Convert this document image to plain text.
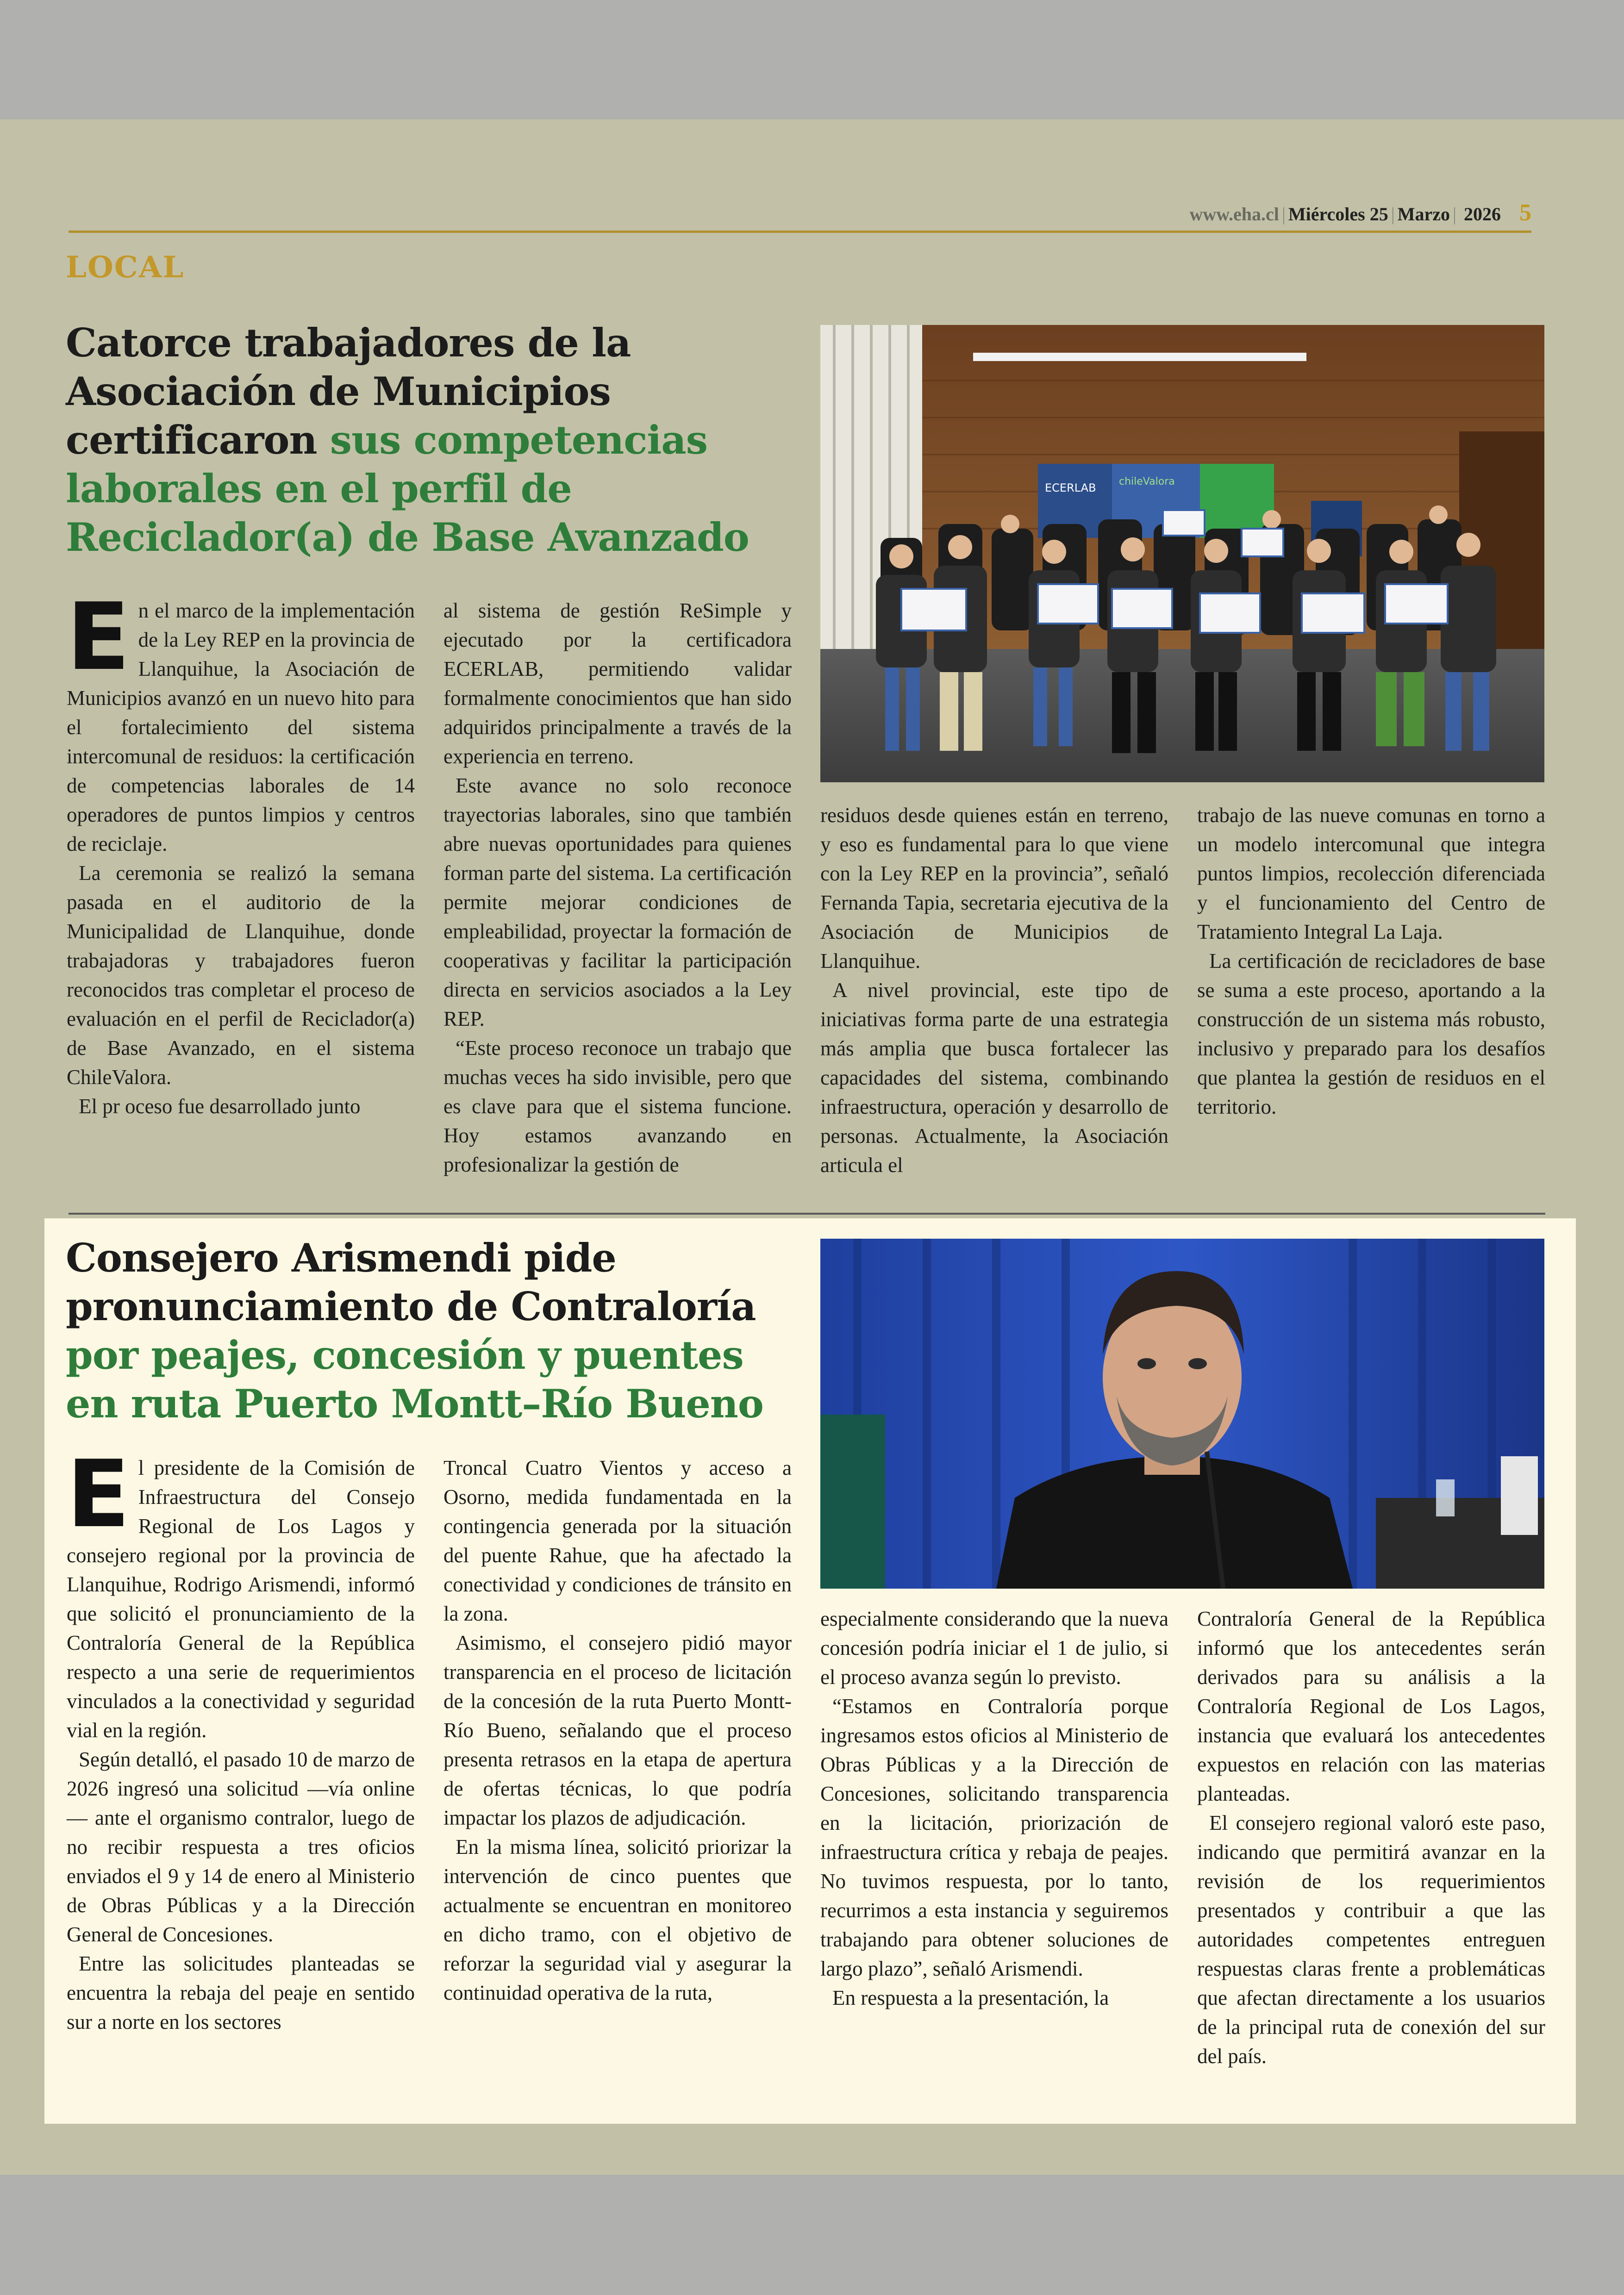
www.eha.cl | Miércoles 25 | Marzo | 2026 5
LOCAL
Catorce trabajadores de la Asociación de Municipios certificaron sus competencias laborales en el perfil de Reciclador(a) de Base Avanzado
ECERLAB chileValora
E n el marco de la implementación de la Ley REP en la provincia de Llanquihue, la Asociación de Municipios avanzó en un nuevo hito para el fortalecimiento del sistema intercomunal de residuos: la certificación de competencias laborales de 14 operadores de puntos limpios y centros de reciclaje.

La ceremonia se realizó la semana pasada en el auditorio de la Municipalidad de Llanquihue, donde trabajadoras y trabajadores fueron reconocidos tras completar el proceso de evaluación en el perfil de Reciclador(a) de Base Avanzado, en el sistema ChileValora.

El pr oceso fue desarrollado junto

al sistema de gestión ReSimple y ejecutado por la certificadora ECERLAB, permitiendo validar formalmente conocimientos que han sido adquiridos principalmente a través de la experiencia en terreno.

Este avance no solo reconoce trayectorias laborales, sino que también abre nuevas oportunidades para quienes forman parte del sistema. La certificación permite mejorar condiciones de empleabilidad, proyectar la formación de cooperativas y facilitar la participación directa en servicios asociados a la Ley REP.

“Este proceso reconoce un trabajo que muchas veces ha sido invisible, pero que es clave para que el sistema funcione. Hoy estamos avanzando en profesionalizar la gestión de

residuos desde quienes están en terreno, y eso es fundamental para lo que viene con la Ley REP en la provincia”, señaló Fernanda Tapia, secretaria ejecutiva de la Asociación de Municipios de Llanquihue.

A nivel provincial, este tipo de iniciativas forma parte de una estrategia más amplia que busca fortalecer las capacidades del sistema, combinando infraestructura, operación y desarrollo de personas. Actualmente, la Asociación articula el

trabajo de las nueve comunas en torno a un modelo intercomunal que integra puntos limpios, recolección diferenciada y el funcionamiento del Centro de Tratamiento Integral La Laja.

La certificación de recicladores de base se suma a este proceso, aportando a la construcción de un sistema más robusto, inclusivo y preparado para los desafíos que plantea la gestión de residuos en el territorio.

Consejero Arismendi pide pronunciamiento de Contraloría por peajes, concesión y puentes en ruta Puerto Montt–Río Bueno
E l presidente de la Comisión de Infraestructura del Consejo Regional de Los Lagos y consejero regional por la provincia de Llanquihue, Rodrigo Arismendi, informó que solicitó el pronunciamiento de la Contraloría General de la República respecto a una serie de requerimientos vinculados a la conectividad y seguridad vial en la región.

Según detalló, el pasado 10 de marzo de 2026 ingresó una solicitud —vía online— ante el organismo contralor, luego de no recibir respuesta a tres oficios enviados el 9 y 14 de enero al Ministerio de Obras Públicas y a la Dirección General de Concesiones.

Entre las solicitudes planteadas se encuentra la rebaja del peaje en sentido sur a norte en los sectores

Troncal Cuatro Vientos y acceso a Osorno, medida fundamentada en la contingencia generada por la situación del puente Rahue, que ha afectado la conectividad y condiciones de tránsito en la zona.

Asimismo, el consejero pidió mayor transparencia en el proceso de licitación de la concesión de la ruta Puerto Montt-Río Bueno, señalando que el proceso presenta retrasos en la etapa de apertura de ofertas técnicas, lo que podría impactar los plazos de adjudicación.

En la misma línea, solicitó priorizar la intervención de cinco puentes que actualmente se encuentran en monitoreo en dicho tramo, con el objetivo de reforzar la seguridad vial y asegurar la continuidad operativa de la ruta,

especialmente considerando que la nueva concesión podría iniciar el 1 de julio, si el proceso avanza según lo previsto.

“Estamos en Contraloría porque ingresamos estos oficios al Ministerio de Obras Públicas y a la Dirección de Concesiones, solicitando transparencia en la licitación, priorización de infraestructura crítica y rebaja de peajes. No tuvimos respuesta, por lo tanto, recurrimos a esta instancia y seguiremos trabajando para obtener soluciones de largo plazo”, señaló Arismendi.

En respuesta a la presentación, la

Contraloría General de la República informó que los antecedentes serán derivados para su análisis a la Contraloría Regional de Los Lagos, instancia que evaluará los antecedentes expuestos en relación con las materias planteadas.

El consejero regional valoró este paso, indicando que permitirá avanzar en la revisión de los requerimientos presentados y contribuir a que las autoridades competentes entreguen respuestas claras frente a problemáticas que afectan directamente a los usuarios de la principal ruta de conexión del sur del país.
